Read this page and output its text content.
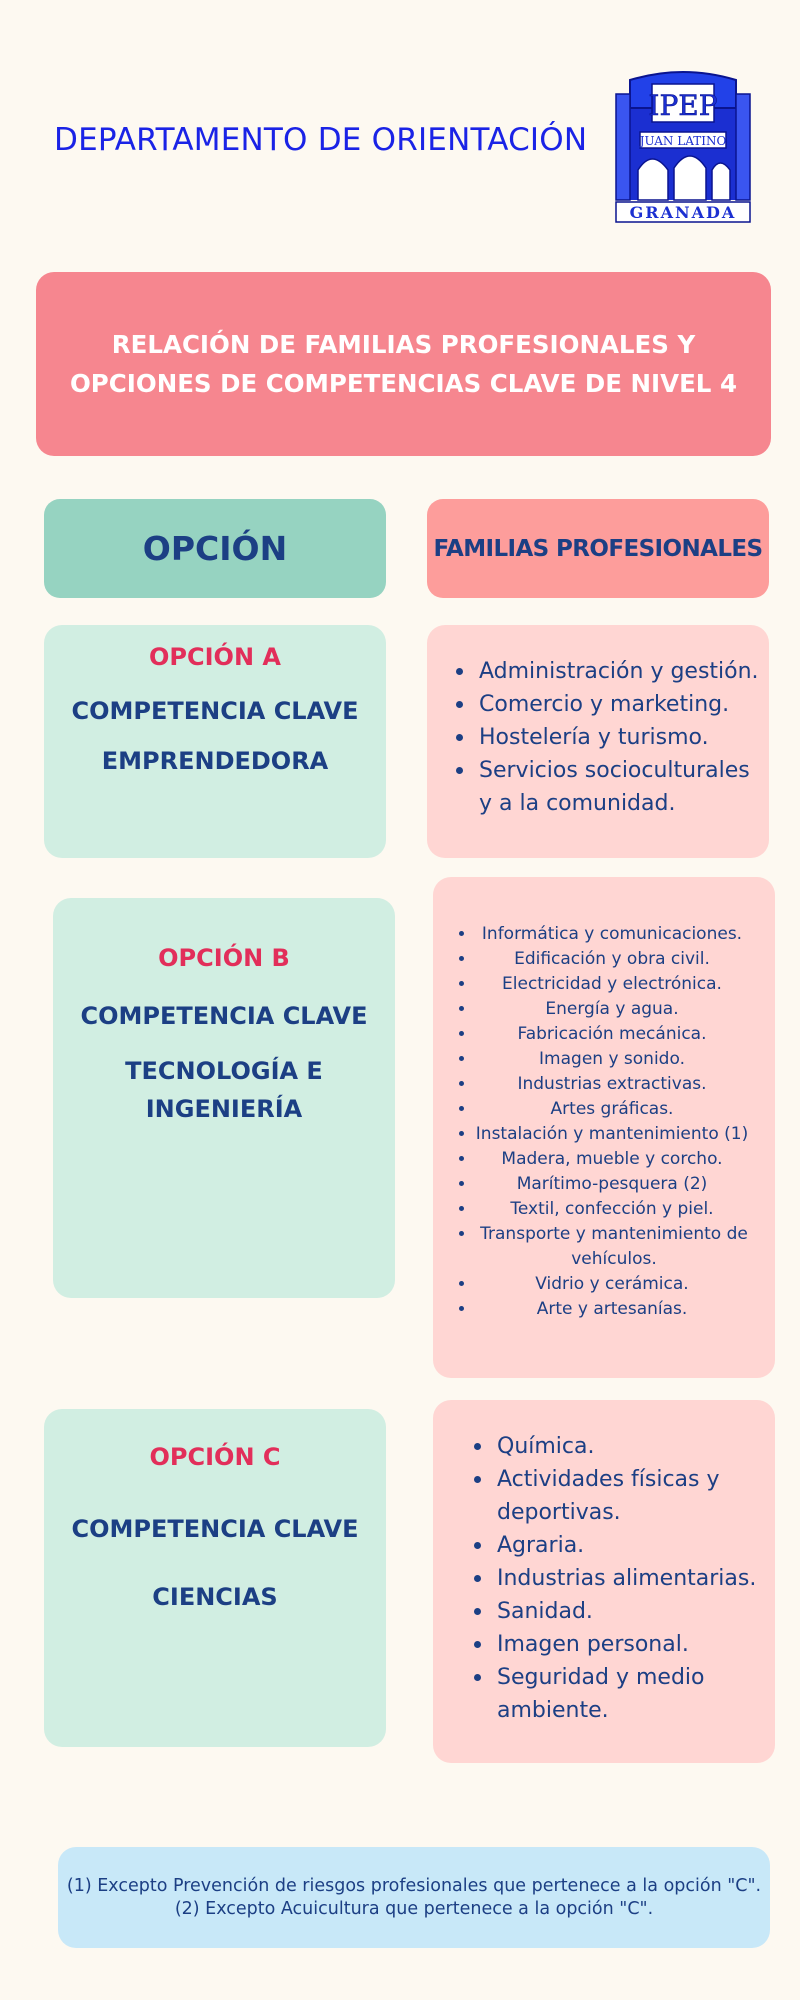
DEPARTAMENTO DE ORIENTACIÓN
IPEP
JUAN LATINO
GRANADA
RELACIÓN DE FAMILIAS PROFESIONALES Y OPCIONES DE COMPETENCIAS CLAVE DE NIVEL 4
OPCIÓN	FAMILIAS PROFESIONALES
OPCIÓN A
COMPETENCIA CLAVE
EMPRENDEDORA
Administración y gestión.
Comercio y marketing.
Hostelería y turismo.
Servicios socioculturales y a la comunidad.
OPCIÓN B
COMPETENCIA CLAVE
TECNOLOGÍA E INGENIERÍA
Informática y comunicaciones.
Edificación y obra civil.
Electricidad y electrónica.
Energía y agua.
Fabricación mecánica.
Imagen y sonido.
Industrias extractivas.
Artes gráficas.
Instalación y mantenimiento (1)
Madera, mueble y corcho.
Marítimo-pesquera (2)
Textil, confección y piel.
Transporte y mantenimiento de vehículos.
Vidrio y cerámica.
Arte y artesanías.
OPCIÓN C
COMPETENCIA CLAVE
CIENCIAS
Química.
Actividades físicas y deportivas.
Agraria.
Industrias alimentarias.
Sanidad.
Imagen personal.
Seguridad y medio ambiente.
(1) Excepto Prevención de riesgos profesionales que pertenece a la opción "C".
(2) Excepto Acuicultura que pertenece a la opción "C".
